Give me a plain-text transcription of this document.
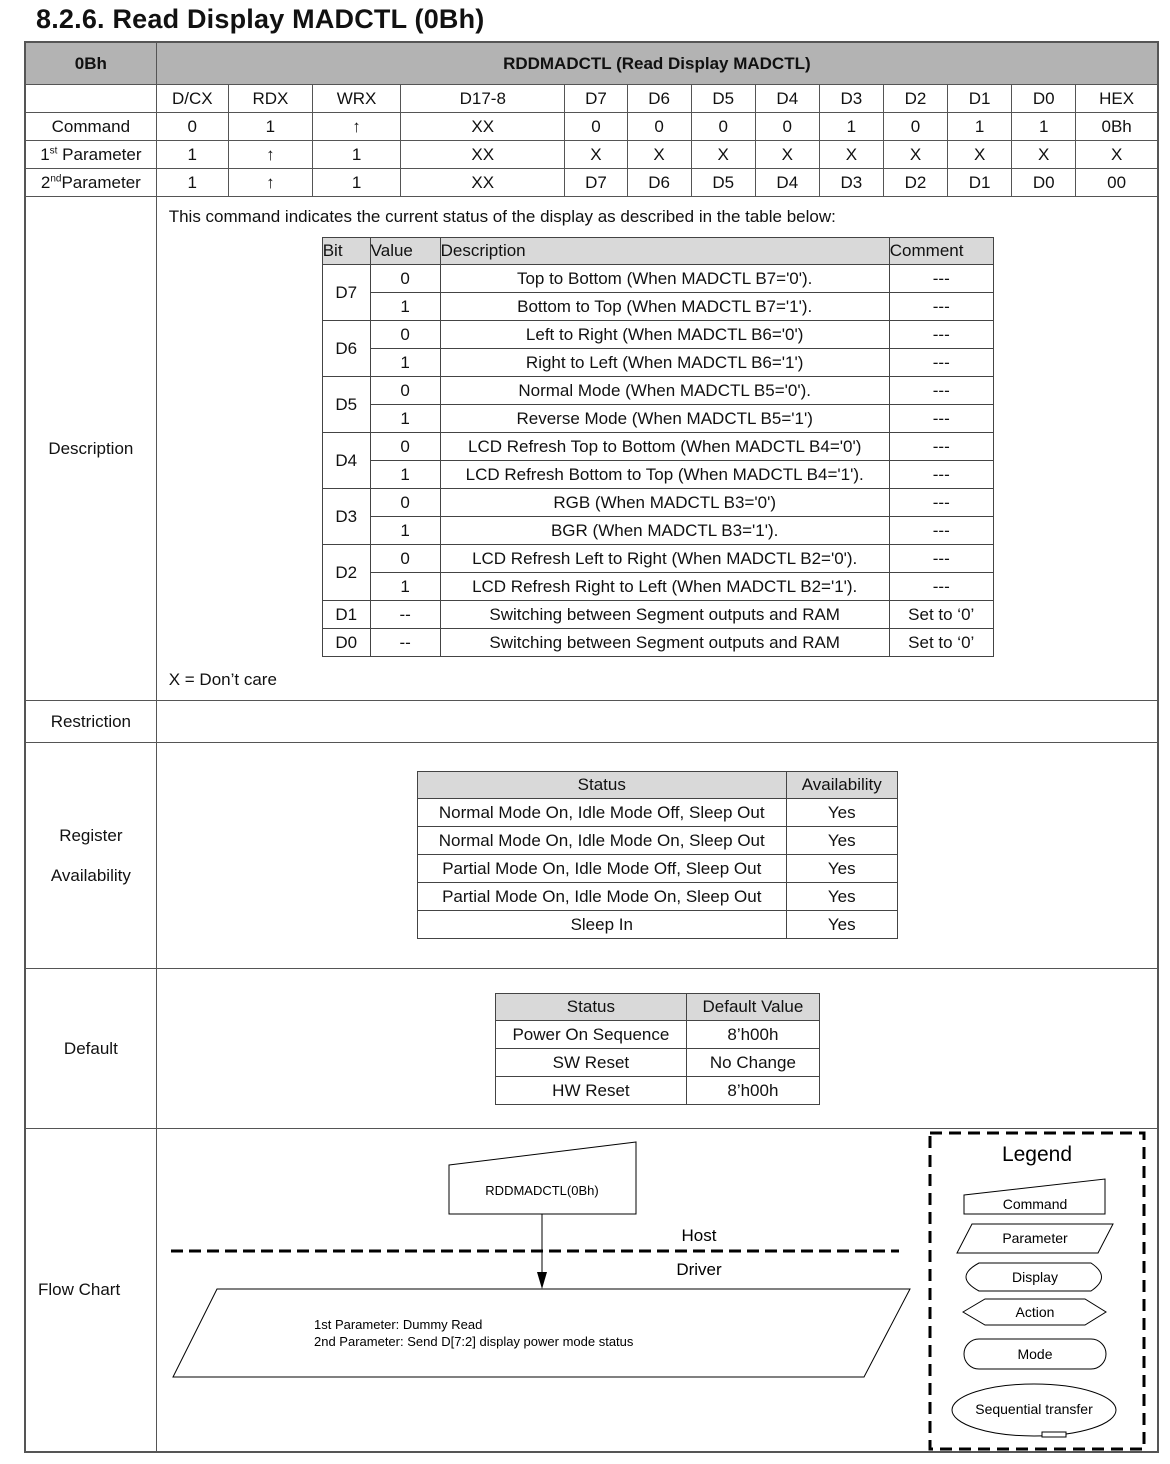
8.2.6. Read Display MADCTL (0Bh)
0Bh	RDDMADCTL (Read Display MADCTL)
	D/CX	RDX	WRX	D17-8	D7	D6	D5	D4	D3	D2	D1	D0	HEX
Command	0	1	↑	XX	0	0	0	0	1	0	1	1	0Bh
1st Parameter	1	↑	1	XX	X	X	X	X	X	X	X	X	X
2ndParameter	1	↑	1	XX	D7	D6	D5	D4	D3	D2	D1	D0	00
Description	
This command indicates the current status of the display as described in the table below:
Bit	Value	Description	Comment
D7	0	Top to Bottom (When MADCTL B7='0').	---
1	Bottom to Top (When MADCTL B7='1').	---
D6	0	Left to Right (When MADCTL B6='0')	---
1	Right to Left (When MADCTL B6='1')	---
D5	0	Normal Mode (When MADCTL B5='0').	---
1	Reverse Mode (When MADCTL B5='1')	---
D4	0	LCD Refresh Top to Bottom (When MADCTL B4='0')	---
1	LCD Refresh Bottom to Top (When MADCTL B4='1').	---
D3	0	RGB (When MADCTL B3='0')	---
1	BGR (When MADCTL B3='1').	---
D2	0	LCD Refresh Left to Right (When MADCTL B2='0').	---
1	LCD Refresh Right to Left (When MADCTL B2='1').	---
D1	--	Switching between Segment outputs and RAM	Set to ‘0’
D0	--	Switching between Segment outputs and RAM	Set to ‘0’
X = Don’t care

Restriction	

Register
Availability

Status	Availability
Normal Mode On, Idle Mode Off, Sleep Out	Yes
Normal Mode On, Idle Mode On, Sleep Out	Yes
Partial Mode On, Idle Mode Off, Sleep Out	Yes
Partial Mode On, Idle Mode On, Sleep Out	Yes
Sleep In	Yes

Default	
Status	Default Value
Power On Sequence	8’h00h
SW Reset	No Change
HW Reset	8’h00h

Flow Chart	
RDDMADCTL(0Bh)
Host
Driver
1st Parameter: Dummy Read
2nd Parameter: Send D[7:2] display power mode status
Legend
Command
Parameter
Display
Action
Mode
Sequential transfer
